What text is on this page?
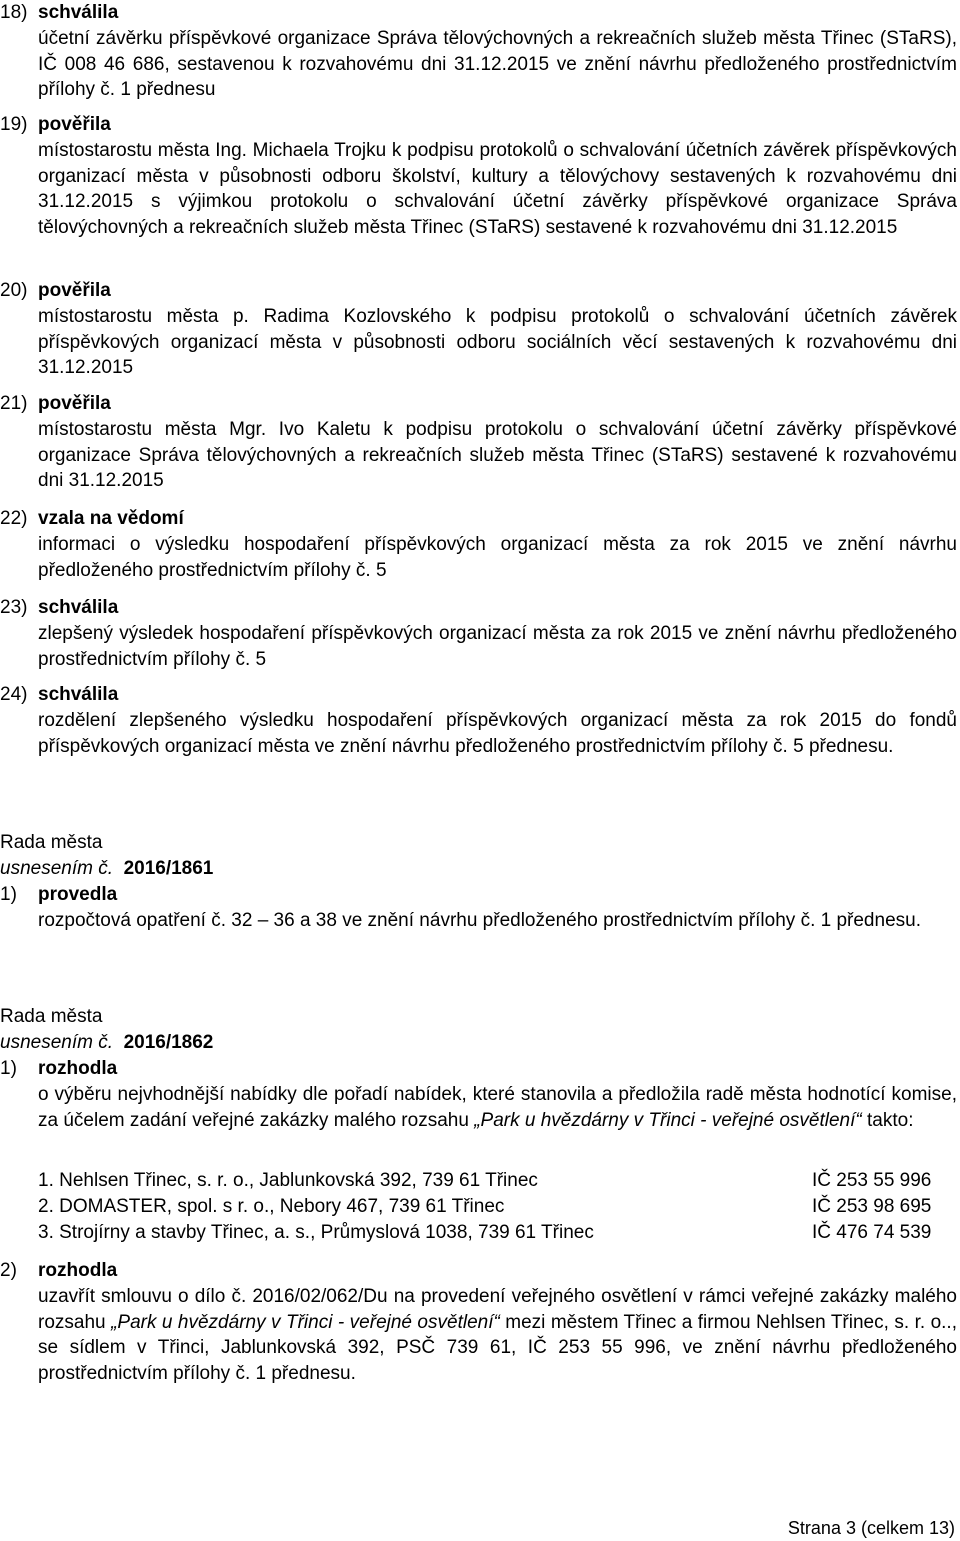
18) schválila

účetní závěrku příspěvkové organizace Správa tělovýchovných a rekreačních služeb města Třinec (STaRS), IČ 008 46 686, sestavenou k rozvahovému dni 31.12.2015 ve znění návrhu předloženého prostřednictvím přílohy č. 1 přednesu

19) pověřila

místostarostu města Ing. Michaela Trojku k podpisu protokolů o schvalování účetních závěrek příspěvkových organizací města v působnosti odboru školství, kultury a tělovýchovy sestavených k rozvahovému dni 31.12.2015 s výjimkou protokolu o schvalování účetní závěrky příspěvkové organizace Správa tělovýchovných a rekreačních služeb města Třinec (STaRS) sestavené k rozvahovému dni 31.12.2015

20) pověřila

místostarostu města p. Radima Kozlovského k podpisu protokolů o schvalování účetních závěrek příspěvkových organizací města v působnosti odboru sociálních věcí sestavených k rozvahovému dni 31.12.2015

21) pověřila

místostarostu města Mgr. Ivo Kaletu k podpisu protokolu o schvalování účetní závěrky příspěvkové organizace Správa tělovýchovných a rekreačních služeb města Třinec (STaRS) sestavené k rozvahovému dni 31.12.2015

22) vzala na vědomí

informaci o výsledku hospodaření příspěvkových organizací města za rok 2015 ve znění návrhu předloženého prostřednictvím přílohy č. 5

23) schválila

zlepšený výsledek hospodaření příspěvkových organizací města za rok 2015 ve znění návrhu předloženého prostřednictvím přílohy č. 5

24) schválila

rozdělení zlepšeného výsledku hospodaření příspěvkových organizací města za rok 2015 do fondů příspěvkových organizací města ve znění návrhu předloženého prostřednictvím přílohy č. 5 přednesu.

Rada města
usnesením č. 2016/1861
1) provedla

rozpočtová opatření č. 32 – 36 a 38 ve znění návrhu předloženého prostřednictvím přílohy č. 1 přednesu.

Rada města
usnesením č. 2016/1862
1) rozhodla

o výběru nejvhodnější nabídky dle pořadí nabídek, které stanovila a předložila radě města hodnotící komise, za účelem zadání veřejné zakázky malého rozsahu „Park u hvězdárny v Třinci - veřejné osvětlení“ takto:

1. Nehlsen Třinec, s. r. o., Jablunkovská 392, 739 61 Třinec	IČ 253 55 996
2. DOMASTER, spol. s r. o., Nebory 467, 739 61 Třinec	IČ 253 98 695
3. Strojírny a stavby Třinec, a. s., Průmyslová 1038, 739 61 Třinec	IČ 476 74 539
2) rozhodla

uzavřít smlouvu o dílo č. 2016/02/062/Du na provedení veřejného osvětlení v rámci veřejné zakázky malého rozsahu „Park u hvězdárny v Třinci - veřejné osvětlení“ mezi městem Třinec a firmou Nehlsen Třinec, s. r. o.., se sídlem v Třinci, Jablunkovská 392, PSČ 739 61, IČ 253 55 996, ve znění návrhu předloženého prostřednictvím přílohy č. 1 přednesu.

Strana 3 (celkem 13)
